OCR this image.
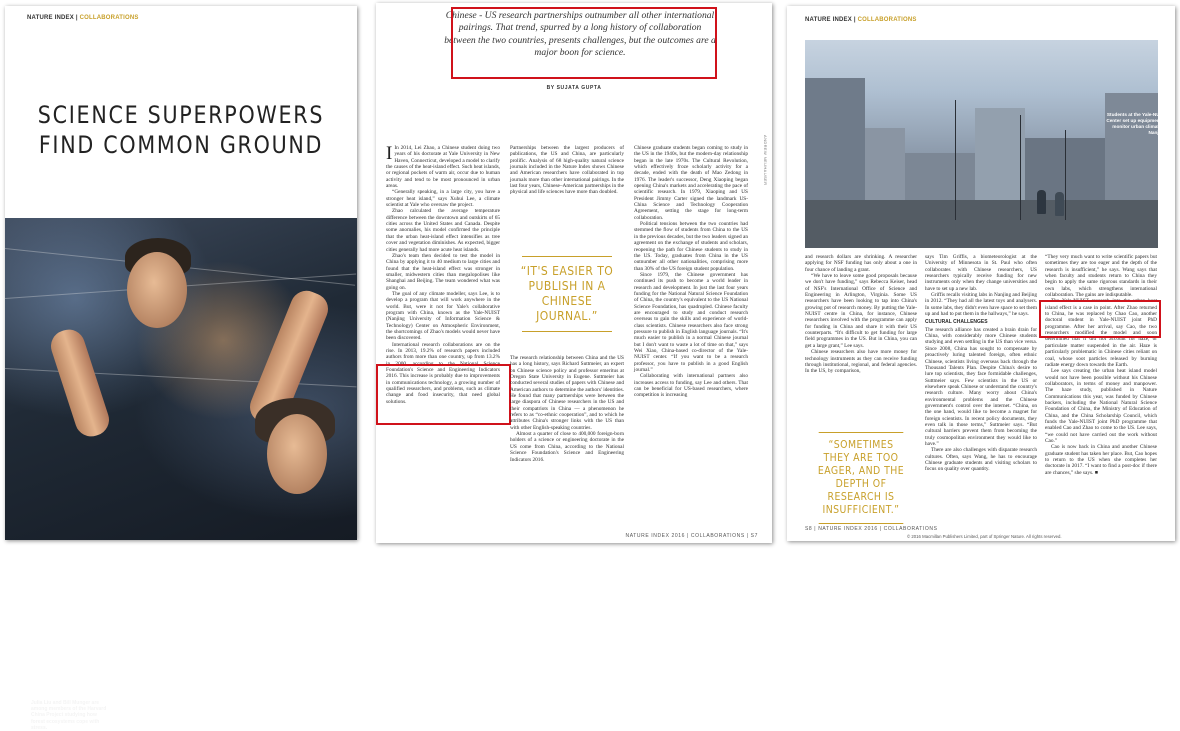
NATURE INDEX | COLLABORATIONS
SCIENCE SUPERPOWERS
FIND COMMON GROUND
Julia Liu and Bill Munger are among members of the Harvard China Project studying how forest ecosystems cope with stress.
Chinese - US research partnerships outnumber all other international pairings. That trend, spurred by a long history of collaboration between the two countries, presents challenges, but the outcomes are a major boon for science.
BY SUJATA GUPTA
ANDREW NEUHAUSER

I In 2014, Lei Zhao, a Chinese student doing two years of his doctorate at Yale University in New Haven, Connecticut, developed a model to clarify the causes of the heat-island effect. Such heat islands, or regional pockets of warm air, occur due to human activity and tend to be most pronounced in urban areas.

“Generally speaking, in a large city, you have a stronger heat island,” says Xuhui Lee, a climate scientist at Yale who oversaw the project.

Zhao calculated the average temperature difference between the downtown and outskirts of 65 cities across the United States and Canada. Despite some anomalies, his model confirmed the principle that the urban heat-island effect intensifies as tree cover and vegetation diminishes. As expected, bigger cities generally had more acute heat islands.

Zhao's team then decided to test the model in China by applying it to 40 medium to large cities and found that the heat-island effect was stronger in smaller, midwestern cities than megalopolises like Shanghai and Beijing. The team wondered what was going on.

The goal of any climate modeller, says Lee, is to develop a program that will work anywhere in the world. But, were it not for Yale's collaborative program with China, known as the Yale-NUIST (Nanjing University of Information Science & Technology) Center on Atmospheric Environment, the shortcomings of Zhao's models would never have been discovered.

International research collaborations are on the rise. In 2013, 19.2% of research papers included authors from more than one country, up from 13.2% in 2000, according to the National Science Foundation's Science and Engineering Indicators 2016. This increase is probably due to improvements in communications technology, a growing number of qualified researchers, and problems, such as climate change and food insecurity, that need global solutions.

Partnerships between the largest producers of publications, the US and China, are particularly prolific. Analysis of 68 high-quality natural science journals included in the Nature Index shows Chinese and American researchers have collaborated in top journals more than other international pairings. In the last four years, Chinese–American partnerships in the physical and life sciences have more than doubled.

“IT'S EASIER TO PUBLISH IN A CHINESE JOURNAL.”

The research relationship between China and the US has a long history, says Richard Suttmeier, an expert on Chinese science policy and professor emeritus at Oregon State University in Eugene. Suttmeier has conducted several studies of papers with Chinese and American authors to determine the authors' identities. He found that many partnerships were between the large diaspora of Chinese researchers in the US and their compatriots in China — a phenomenon he refers to as “co-ethnic cooperation”, and to which he attributes China's stronger links with the US than with other English-speaking countries.

Almost a quarter of close to 400,000 foreign-born holders of a science or engineering doctorate in the US come from China, according to the National Science Foundation's Science and Engineering Indicators 2016.

Chinese graduate students began coming to study in the US in the 1940s, but the modern-day relationship began in the late 1970s. The Cultural Revolution, which effectively froze scholarly activity for a decade, ended with the death of Mao Zedong in 1976. The leader's successor, Deng Xiaoping began opening China's markets and accelerating the pace of scientific research. In 1979, Xiaoping and US President Jimmy Carter signed the landmark US-China Science and Technology Cooperation Agreement, setting the stage for long-term collaboration.

Political tensions between the two countries had stemmed the flow of students from China to the US in the previous decades, but the two leaders signed an agreement on the exchange of students and scholars, reopening the path for Chinese students to study in the US. Today, graduates from China in the US outnumber all other nationalities, comprising more than 30% of the US foreign student population.

Since 1979, the Chinese government has continued its push to become a world leader in research and development. In just the last four years funding for the National Natural Science Foundation of China, the country's equivalent to the US National Science Foundation, has quadrupled. Chinese faculty are encouraged to study and conduct research overseas to gain the skills and experience of world-class scientists. Chinese researchers also face strong pressure to publish in English language journals. “It's much easier to publish in a normal Chinese journal but I don't want to waste a lot of time on that,” says Wei Xiao, China-based co-director of the Yale-NUIST center. “If you want to be a research professor, you have to publish in a good English journal.”

Collaborating with international partners also increases access to funding, say Lee and others. That can be beneficial for US-based researchers, where competition is increasing

NATURE INDEX 2016 | COLLABORATIONS | S7
NATURE INDEX | COLLABORATIONS
Students at the Yale-NUIST Center set up equipment to monitor urban climate in Nanjing.

and research dollars are shrinking. A researcher applying for NSF funding has only about a one in four chance of landing a grant.

“We have to leave some good proposals because we don't have funding,” says Rebecca Keiser, head of NSF's International Office of Science and Engineering in Arlington, Virginia. Some US researchers have been looking to tap into China's growing pot of research money. By putting the Yale-NUIST centre in China, for instance, Chinese researchers involved with the programme can apply for funding in China and share it with their US counterparts. “It's difficult to get funding for large field programmes in the US. But in China, you can get a large grant,” Lee says.

Chinese researchers also have more money for technology instruments as they can receive funding through institutional, regional, and federal agencies. In the US, by comparison,

“SOMETIMES THEY ARE TOO EAGER, AND THE DEPTH OF RESEARCH IS INSUFFICIENT.”

says Tim Griffis, a biometeorologist at the University of Minnesota in St. Paul who often collaborates with Chinese researchers, US researchers typically receive funding for new instruments only when they change universities and have to set up a new lab.

Griffis recalls visiting labs in Nanjing and Beijing in 2012. “They had all the latest toys and analysers. In some labs, they didn't even have space to set them up and had to put them in the hallways,” he says.

CULTURAL CHALLENGES

The research alliance has created a brain drain for China, with considerably more Chinese students studying and even settling in the US than vice versa. Since 2008, China has sought to compensate by proactively luring talented foreign, often ethnic Chinese, scientists living overseas back through the Thousand Talents Plan. Despite China's desire to lure top scientists, they face formidable challenges, Suttmeier says. Few scientists in the US or elsewhere speak Chinese or understand the country's research culture. Many worry about China's environmental problems and the Chinese government's control over the internet. “China, on the one hand, would like to become a magnet for foreign scientists. In recent policy documents, they even talk in those terms,” Suttmeier says. “But cultural barriers prevent them from becoming the truly cosmopolitan environment they would like to have.”

There are also challenges with disparate research cultures. Often, says Wang, he has to encourage Chinese graduate students and visiting scholars to focus on quality over quantity.

“They very much want to write scientific papers but sometimes they are too eager and the depth of the research is insufficient,” he says. Wang says that when faculty and students return to China they begin to apply the same rigorous standards in their own labs, which strengthens international collaboration. The gains are indisputable.

The Yale-NUIST research into the urban heat island effect is a case in point. After Zhao returned to China, he was replaced by Chao Cao, another doctoral student in Yale-NUIST joint PhD programme. After her arrival, say Cao, the two researchers modified the model and soon determined that it did not account for haze, or particulate matter suspended in the air. Haze is particularly problematic in Chinese cities reliant on coal, whose soot particles released by burning radiate energy down towards the Earth.

Lee says creating the urban heat island model would not have been possible without his Chinese collaborators, in terms of money and manpower. The haze study, published in Nature Communications this year, was funded by Chinese backers, including the National Natural Science Foundation of China, the Ministry of Education of China, and the China Scholarship Council, which funds the Yale-NUIST joint PhD programme that enabled Cao and Zhao to come to the US. Lee says, “we could not have carried out the work without Cao.”

Cao is now back in China and another Chinese graduate student has taken her place. But, Cao hopes to return to the US when she completes her doctorate in 2017. “I want to find a post-doc if there are chances,” she says. ■

S8 | NATURE INDEX 2016 | COLLABORATIONS
© 2016 Macmillan Publishers Limited, part of Springer Nature. All rights reserved.
